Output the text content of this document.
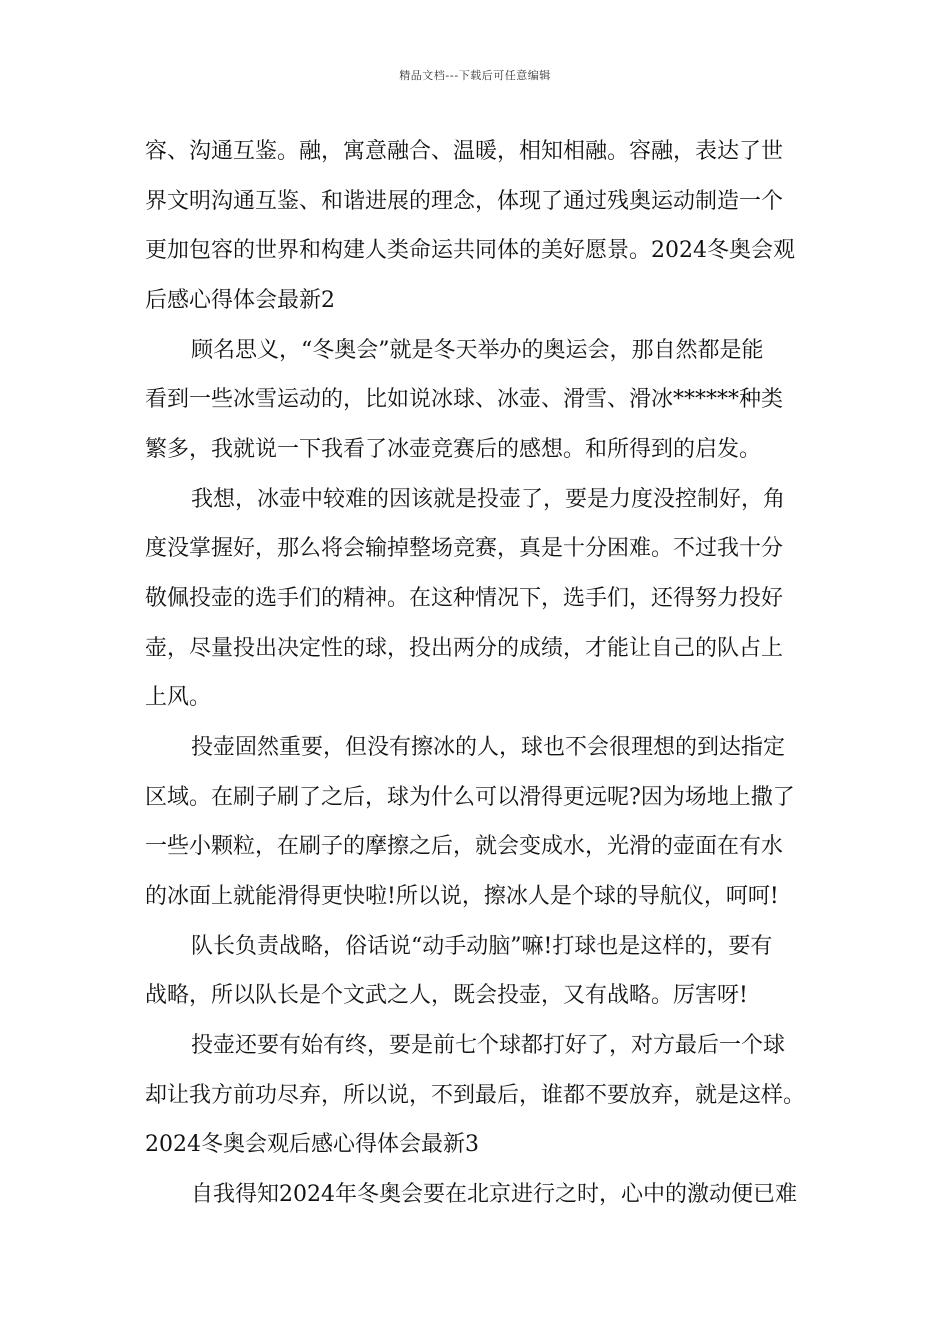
精品文档---下载后可任意编辑
容、沟通互鉴。融，寓意融合、温暖，相知相融。容融，表达了世
界文明沟通互鉴、和谐进展的理念，体现了通过残奥运动制造一个
更加包容的世界和构建人类命运共同体的美好愿景。2024冬奥会观
后感心得体会最新2
顾名思义，“冬奥会”就是冬天举办的奥运会，那自然都是能
看到一些冰雪运动的，比如说冰球、冰壶、滑雪、滑冰******种类
繁多，我就说一下我看了冰壶竞赛后的感想。和所得到的启发。
我想，冰壶中较难的因该就是投壶了，要是力度没控制好，角
度没掌握好，那么将会输掉整场竞赛，真是十分困难。不过我十分
敬佩投壶的选手们的精神。在这种情况下，选手们，还得努力投好
壶，尽量投出决定性的球，投出两分的成绩，才能让自己的队占上
上风。
投壶固然重要，但没有擦冰的人，球也不会很理想的到达指定
区域。在刷子刷了之后，球为什么可以滑得更远呢?因为场地上撒了
一些小颗粒，在刷子的摩擦之后，就会变成水，光滑的壶面在有水
的冰面上就能滑得更快啦!所以说，擦冰人是个球的导航仪，呵呵!
队长负责战略，俗话说“动手动脑”嘛!打球也是这样的，要有
战略，所以队长是个文武之人，既会投壶，又有战略。厉害呀!
投壶还要有始有终，要是前七个球都打好了，对方最后一个球
却让我方前功尽弃，所以说，不到最后，谁都不要放弃，就是这样。
2024冬奥会观后感心得体会最新3
自我得知2024年冬奥会要在北京进行之时，心中的激动便已难
